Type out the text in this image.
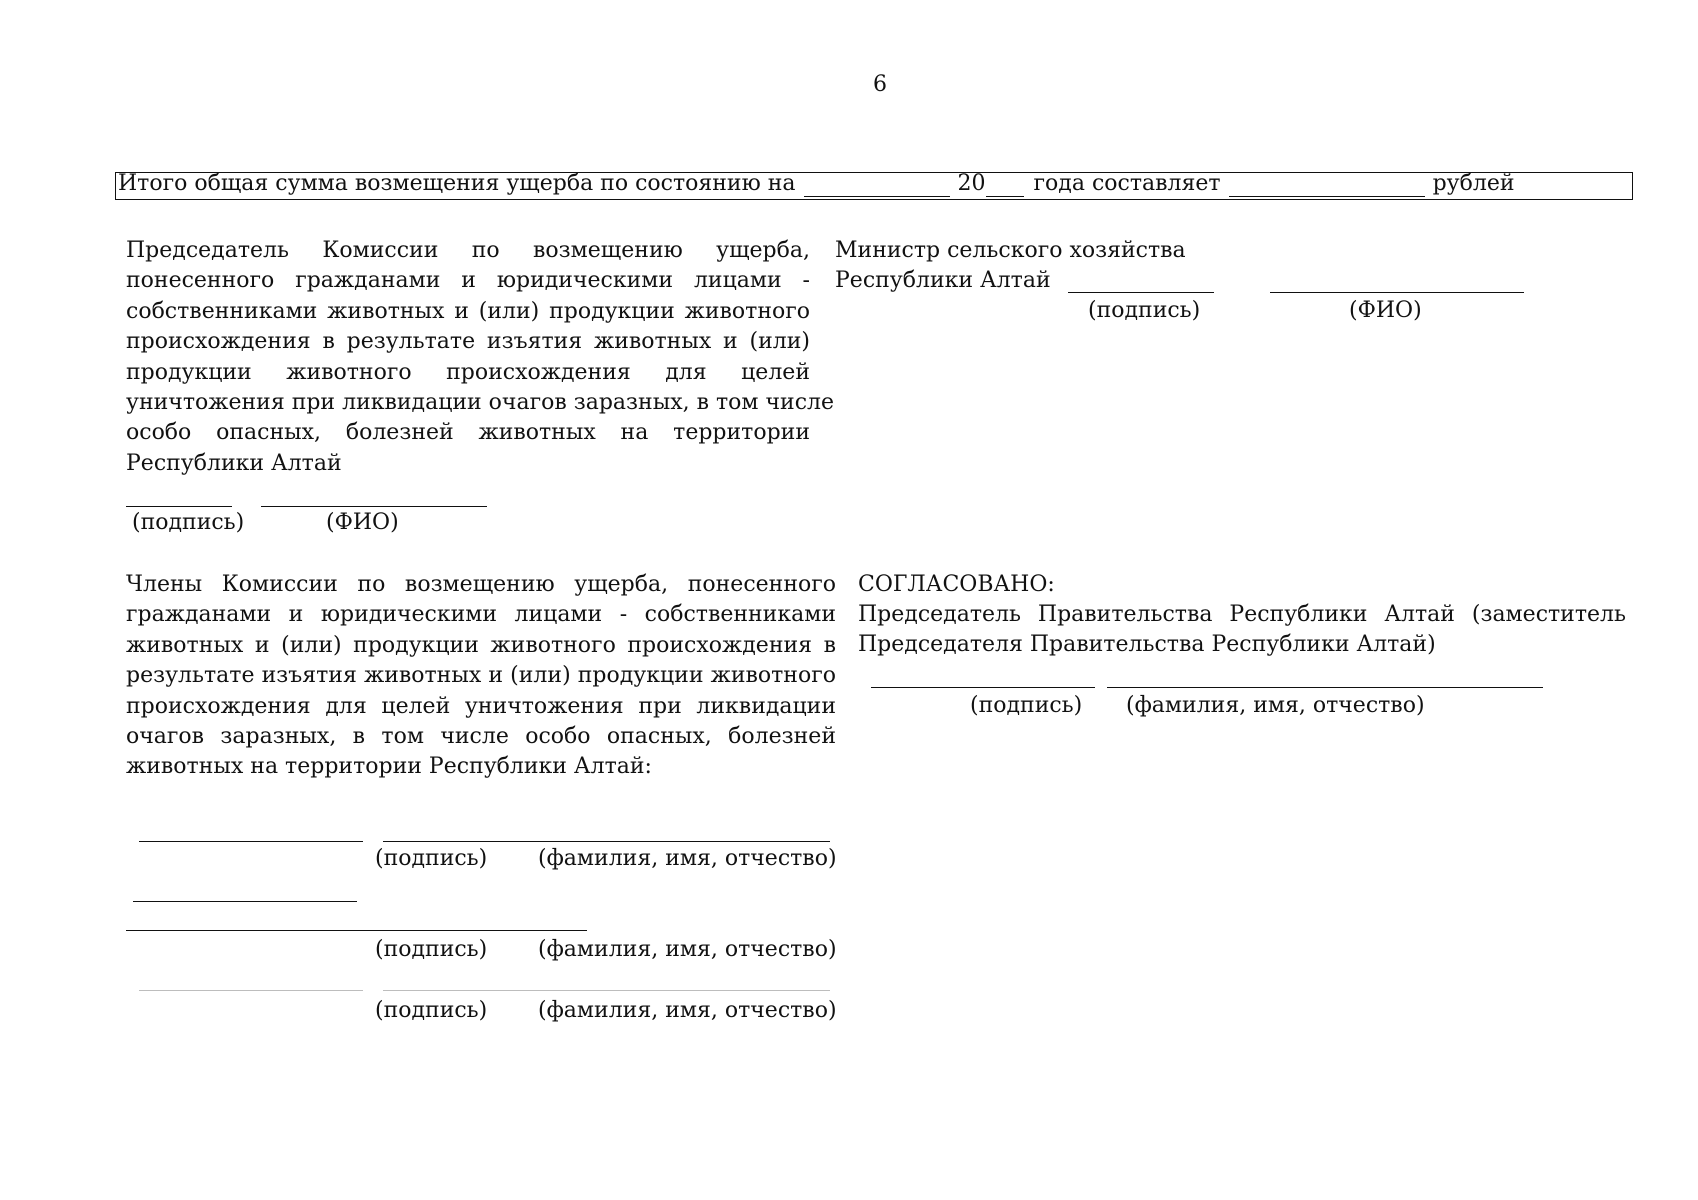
6
Итого общая сумма возмещения ущерба по состоянию на	20 года составляет	рублей
Председатель Комиссии по возмещению ущерба,
понесенного гражданами и юридическими лицами -
собственниками животных и (или) продукции животного
происхождения в результате изъятия животных и (или)
продукции животного происхождения для целей
уничтожения при ликвидации очагов заразных, в том числе
особо опасных, болезней животных на территории
Республики Алтай
(подпись)	(ФИО)
Министр сельского хозяйства
Республики Алтай
(подпись)	(ФИО)
Члены Комиссии по возмещению ущерба, понесенного
гражданами и юридическими лицами - собственниками
животных и (или) продукции животного происхождения в
результате изъятия животных и (или) продукции животного
происхождения для целей уничтожения при ликвидации
очагов заразных, в том числе особо опасных, болезней
животных на территории Республики Алтай:
(подпись) (фамилия, имя, отчество)
(подпись) (фамилия, имя, отчество)
(подпись) (фамилия, имя, отчество)
СОГЛАСОВАНО:
Председатель Правительства Республики Алтай (заместитель
Председателя Правительства Республики Алтай)
(подпись) (фамилия, имя, отчество)
